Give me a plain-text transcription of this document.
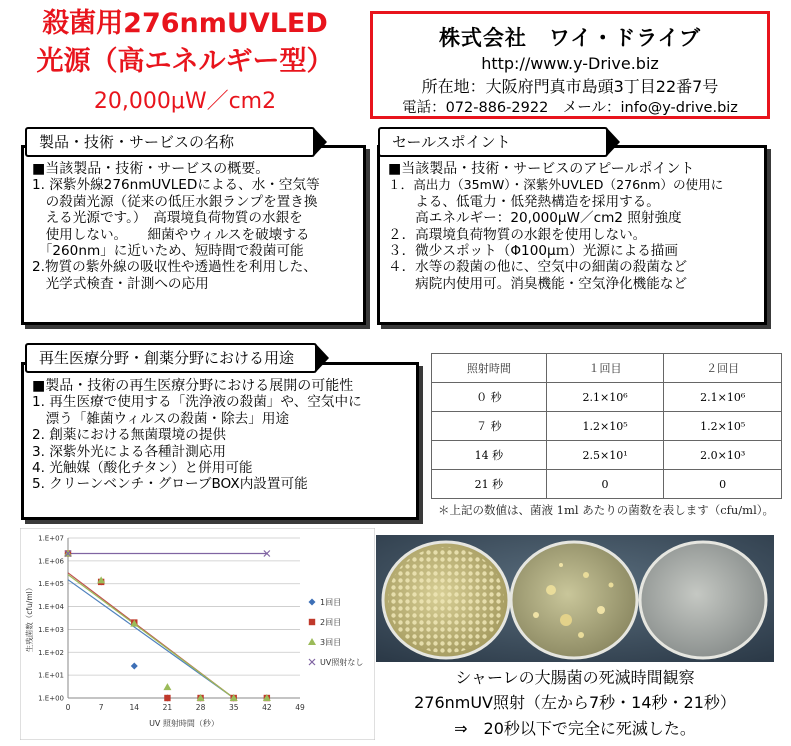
殺菌用276nmUVLED
光源（高エネルギー型）
20,000μW／cm2
株式会社　ワイ・ドライブ
http://www.y-Drive.biz
所在地：大阪府門真市島頭3丁目22番7号
電話：072-886-2922　メール：info@y-drive.biz
製品・技術・サービスの名称

■当該製品・技術・サービスの概要。

1. 深紫外線276nmUVLEDによる、水・空気等

　の殺菌光源（従来の低圧水銀ランプを置き換

　える光源です。）　高環境負荷物質の水銀を

　使用しない。　　細菌やウィルスを破壊する

　「260nm」に近いため、短時間で殺菌可能

2.物質の紫外線の吸収性や透過性を利用した、

　光学式検査・計測への応用

セールスポイント

■当該製品・技術・サービスのアピールポイント

１．高出力（35mW）・深紫外UVLED（276nm）の使用に

　　よる、低電力・低発熱構造を採用する。

　　高エネルギー：20,000μW／cm2 照射強度

２．高環境負荷物質の水銀を使用しない。

３．微少スポット（Φ100μｍ）光源による描画

４．水等の殺菌の他に、空気中の細菌の殺菌など

　　病院内使用可。消臭機能・空気浄化機能など

再生医療分野・創薬分野における用途

■製品・技術の再生医療分野における展開の可能性

1. 再生医療で使用する「洗浄液の殺菌」や、空気中に

　漂う「雑菌ウィルスの殺菌・除去」用途

2. 創薬における無菌環境の提供

3. 深紫外光による各種計測応用

4. 光触媒（酸化チタン）と併用可能

5. クリーンベンチ・グローブBOX内設置可能

照射時間	１回目	２回目
０ 秒	2.1×10⁶	2.1×10⁶
７ 秒	1.2×10⁵	1.2×10⁵
14 秒	2.5×10¹	2.0×10³
21 秒	0	0
＊上記の数値は、菌液 1ml あたりの菌数を表します（cfu/ml）。
1.E+00
1.E+01
1.E+02
1.E+03
1.E+04
1.E+05
1.E+06
1.E+07
0	7	14	21	28	35	42	49
UV 照射時間（秒）
生残菌数（cfu/ml）	1回目
2回目
3回目
UV照射なし
シャーレの大腸菌の死滅時間観察
276nmUV照射（左から7秒・14秒・21秒）
⇒　20秒以下で完全に死滅した。
